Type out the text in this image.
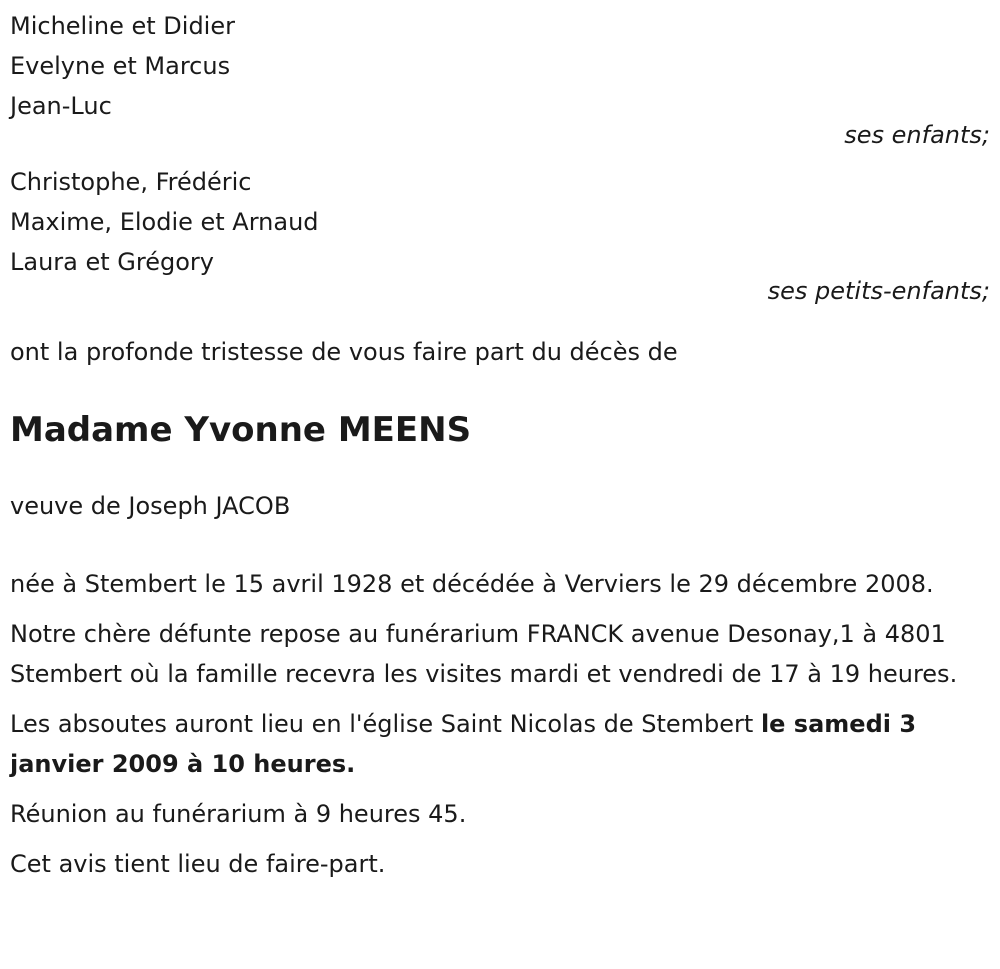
Micheline et Didier
Evelyne et Marcus
Jean-Luc
ses enfants;
Christophe, Frédéric
Maxime, Elodie et Arnaud
Laura et Grégory
ses petits-enfants;
ont la profonde tristesse de vous faire part du décès de
Madame Yvonne MEENS
veuve de Joseph JACOB
née à Stembert le 15 avril 1928 et décédée à Verviers le 29 décembre 2008.
Notre chère défunte repose au funérarium FRANCK avenue Desonay,1 à 4801 Stembert où la famille recevra les visites mardi et vendredi de 17 à 19 heures.
Les absoutes auront lieu en l'église Saint Nicolas de Stembert le samedi 3 janvier 2009 à 10 heures.
Réunion au funérarium à 9 heures 45.
Cet avis tient lieu de faire-part.
